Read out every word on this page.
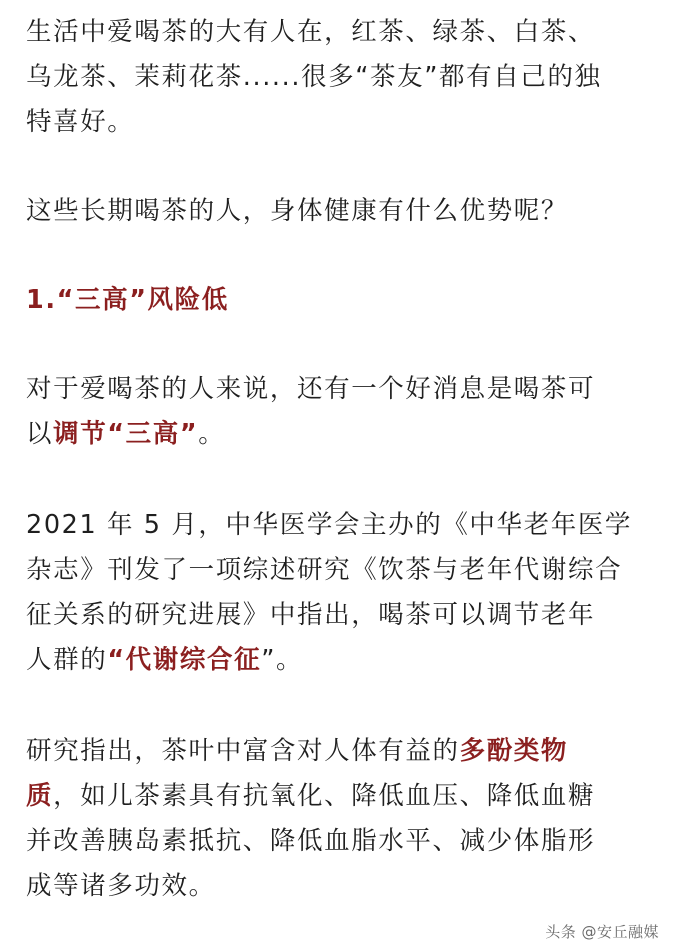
生活中爱喝茶的大有人在，红茶、绿茶、白茶、
乌龙茶、茉莉花茶......很多“茶友”都有自己的独
特喜好。

这些长期喝茶的人，身体健康有什么优势呢？

1.“三高”风险低

对于爱喝茶的人来说，还有一个好消息是喝茶可
以调节“三高”。

2021 年 5 月，中华医学会主办的《中华老年医学
杂志》刊发了一项综述研究《饮茶与老年代谢综合
征关系的研究进展》中指出，喝茶可以调节老年
人群的“代谢综合征”。

研究指出，茶叶中富含对人体有益的多酚类物
质，如儿茶素具有抗氧化、降低血压、降低血糖
并改善胰岛素抵抗、降低血脂水平、减少体脂形
成等诸多功效。

头条 @安丘融媒
